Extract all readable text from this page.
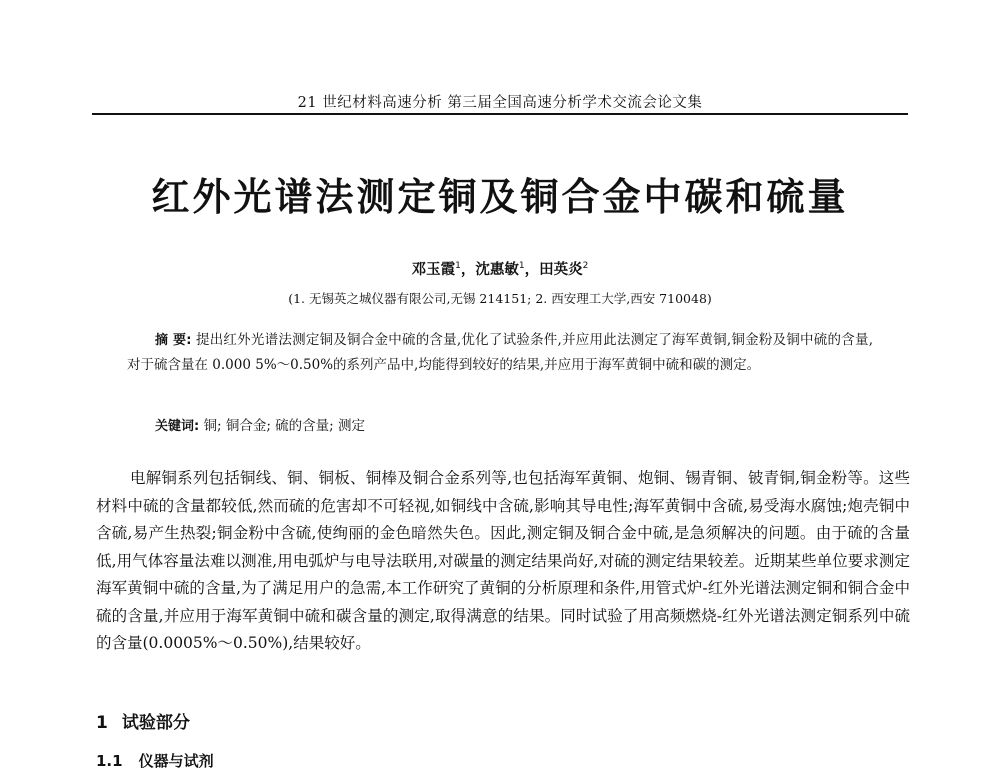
21 世纪材料高速分析 第三届全国高速分析学术交流会论文集
红外光谱法测定铜及铜合金中碳和硫量
邓玉霞$^1$，沈惠敏$^1$，田英炎$^2$
(1. 无锡英之城仪器有限公司,无锡 214151; 2. 西安理工大学,西安 710048)
摘 要: 提出红外光谱法测定铜及铜合金中硫的含量,优化了试验条件,并应用此法测定了海军黄铜,铜金粉及铜中硫的含量,对于硫含量在 0.000 5%～0.50%的系列产品中,均能得到较好的结果,并应用于海军黄铜中硫和碳的测定。
关键词: 铜; 铜合金; 硫的含量; 测定

电解铜系列包括铜线、铜、铜板、铜棒及铜合金系列等,也包括海军黄铜、炮铜、锡青铜、铍青铜,铜金粉等。这些材料中硫的含量都较低,然而硫的危害却不可轻视,如铜线中含硫,影响其导电性;海军黄铜中含硫,易受海水腐蚀;炮壳铜中含硫,易产生热裂;铜金粉中含硫,使绚丽的金色暗然失色。因此,测定铜及铜合金中硫,是急须解决的问题。由于硫的含量低,用气体容量法难以测准,用电弧炉与电导法联用,对碳量的测定结果尚好,对硫的测定结果较差。近期某些单位要求测定海军黄铜中硫的含量,为了满足用户的急需,本工作研究了黄铜的分析原理和条件,用管式炉-红外光谱法测定铜和铜合金中硫的含量,并应用于海军黄铜中硫和碳含量的测定,取得满意的结果。同时试验了用高频燃烧-红外光谱法测定铜系列中硫的含量(0.0005%～0.50%),结果较好。

1 试验部分
1.1 仪器与试剂
